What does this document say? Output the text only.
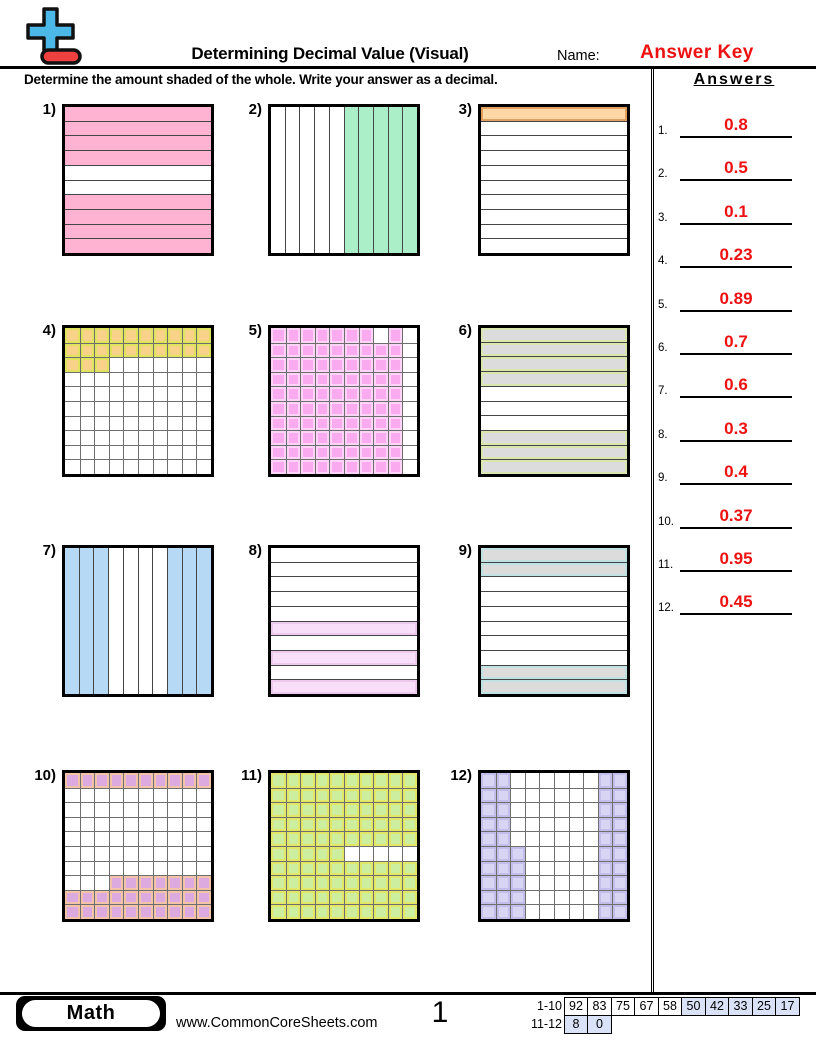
Determining Decimal Value (Visual)	Name:	Answer Key
Determine the amount shaded of the whole. Write your answer as a decimal.	Answers
1.	0.8
2.	0.5
3.	0.1
4.	0.23
5.	0.89
6.	0.7
7.	0.6
8.	0.3
9.	0.4
10.	0.37
11.	0.95
12.	0.45
1)	2)	3)
4)	5)	6)
7)	8)	9)
10)	11)	12)
Math	www.CommonCoreSheets.com	1	1-10 92 83 75 67 58 50 42 33 25 17
11-12 8	0
